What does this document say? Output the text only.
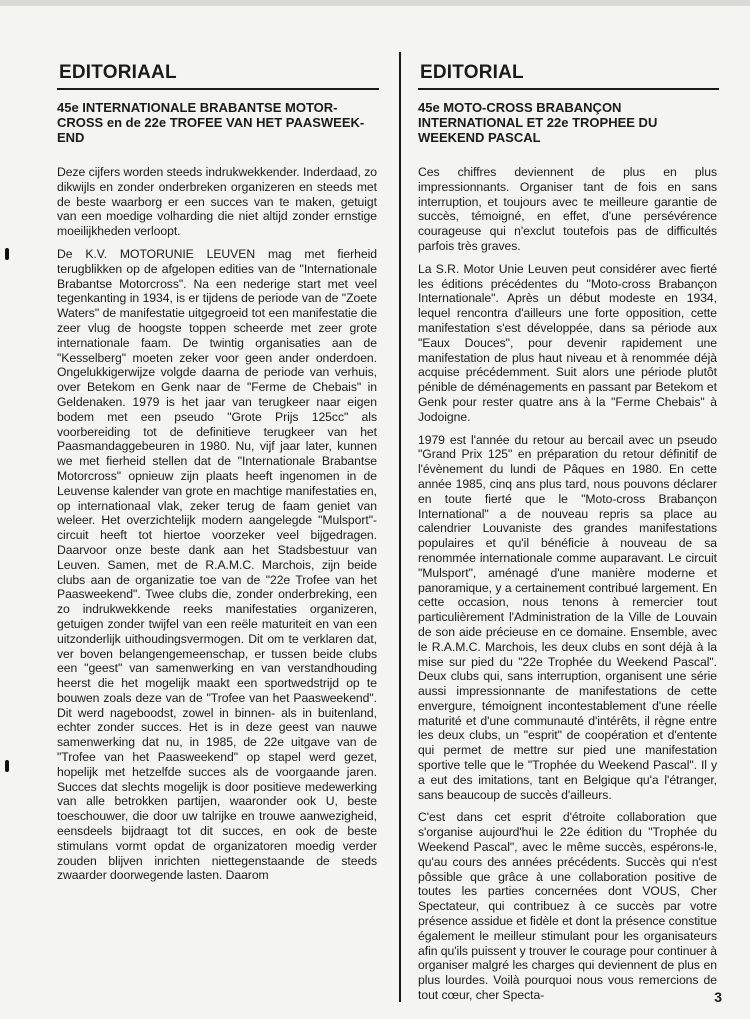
EDITORIAAL
45e INTERNATIONALE BRABANTSE MOTOR-CROSS en de 22e TROFEE VAN HET PAASWEEK-END

Deze cijfers worden steeds indrukwekkender. Inderdaad, zo dikwijls en zonder onderbreken organizeren en steeds met de beste waarborg er een succes van te maken, getuigt van een moedige volharding die niet altijd zonder ernstige moeilijkheden verloopt.

De K.V. MOTORUNIE LEUVEN mag met fierheid terugblikken op de afgelopen edities van de "Internationale Brabantse Motorcross". Na een nederige start met veel tegenkanting in 1934, is er tijdens de periode van de "Zoete Waters" de manifestatie uitgegroeid tot een manifestatie die zeer vlug de hoogste toppen scheerde met zeer grote internationale faam. De twintig organisaties aan de "Kesselberg" moeten zeker voor geen ander onderdoen. Ongelukkigerwijze volgde daarna de periode van verhuis, over Betekom en Genk naar de "Ferme de Chebais" in Geldenaken. 1979 is het jaar van terugkeer naar eigen bodem met een pseudo "Grote Prijs 125cc" als voorbereiding tot de definitieve terugkeer van het Paasmandaggebeuren in 1980. Nu, vijf jaar later, kunnen we met fierheid stellen dat de "Internationale Brabantse Motorcross" opnieuw zijn plaats heeft ingenomen in de Leuvense kalender van grote en machtige manifestaties en, op internationaal vlak, zeker terug de faam geniet van weleer. Het overzichtelijk modern aangelegde "Mulsport"-circuit heeft tot hiertoe voorzeker veel bijgedragen. Daarvoor onze beste dank aan het Stadsbestuur van Leuven. Samen, met de R.A.M.C. Marchois, zijn beide clubs aan de organizatie toe van de "22e Trofee van het Paasweekend". Twee clubs die, zonder onderbreking, een zo indrukwekkende reeks manifestaties organizeren, getuigen zonder twijfel van een reële maturiteit en van een uitzonderlijk uithoudingsvermogen. Dit om te verklaren dat, ver boven belangengemeenschap, er tussen beide clubs een "geest" van samenwerking en van verstandhouding heerst die het mogelijk maakt een sportwedstrijd op te bouwen zoals deze van de "Trofee van het Paasweekend". Dit werd nageboodst, zowel in binnen- als in buitenland, echter zonder succes. Het is in deze geest van nauwe samenwerking dat nu, in 1985, de 22e uitgave van de "Trofee van het Paasweekend" op stapel werd gezet, hopelijk met hetzelfde succes als de voorgaande jaren. Succes dat slechts mogelijk is door positieve medewerking van alle betrokken partijen, waaronder ook U, beste toeschouwer, die door uw talrijke en trouwe aanwezigheid, eensdeels bijdraagt tot dit succes, en ook de beste stimulans vormt opdat de organizatoren moedig verder zouden blijven inrichten niettegenstaande de steeds zwaarder doorwegende lasten. Daarom

EDITORIAL
45e MOTO-CROSS BRABANÇON INTERNATIONAL ET 22e TROPHEE DU WEEKEND PASCAL

Ces chiffres deviennent de plus en plus impressionnants. Organiser tant de fois en sans interruption, et toujours avec te meilleure garantie de succès, témoigné, en effet, d'une persévérence courageuse qui n'exclut toutefois pas de difficultés parfois très graves.

La S.R. Motor Unie Leuven peut considérer avec fierté les éditions précédentes du "Moto-cross Brabançon Internationale". Après un début modeste en 1934, lequel rencontra d'ailleurs une forte opposition, cette manifestation s'est développée, dans sa période aux "Eaux Douces", pour devenir rapidement une manifestation de plus haut niveau et à renommée déjà acquise précédemment. Suit alors une période plutôt pénible de déménagements en passant par Betekom et Genk pour rester quatre ans à la "Ferme Chebais" à Jodoigne.

1979 est l'année du retour au bercail avec un pseudo "Grand Prix 125" en préparation du retour définitif de l'évènement du lundi de Pâques en 1980. En cette année 1985, cinq ans plus tard, nous pouvons déclarer en toute fierté que le "Moto-cross Brabançon International" a de nouveau repris sa place au calendrier Louvaniste des grandes manifestations populaires et qu'il bénéficie à nouveau de sa renommée internationale comme auparavant. Le circuit "Mulsport", aménagé d'une manière moderne et panoramique, y a certainement contribué largement. En cette occasion, nous tenons à remercier tout particulièrement l'Administration de la Ville de Louvain de son aide précieuse en ce domaine. Ensemble, avec le R.A.M.C. Marchois, les deux clubs en sont déjà à la mise sur pied du "22e Trophée du Weekend Pascal". Deux clubs qui, sans interruption, organisent une série aussi impressionnante de manifestations de cette envergure, témoignent incontestablement d'une réelle maturité et d'une communauté d'intérêts, il règne entre les deux clubs, un "esprit" de coopération et d'entente qui permet de mettre sur pied une manifestation sportive telle que le "Trophée du Weekend Pascal". Il y a eut des imitations, tant en Belgique qu'a l'étranger, sans beaucoup de succès d'ailleurs.

C'est dans cet esprit d'étroite collaboration que s'organise aujourd'hui le 22e édition du "Trophée du Weekend Pascal", avec le même succès, espérons-le, qu'au cours des années précédents. Succès qui n'est pôssible que grâce à une collaboration positive de toutes les parties concernées dont VOUS, Cher Spectateur, qui contribuez à ce succès par votre présence assidue et fidèle et dont la présence constitue également le meilleur stimulant pour les organisateurs afin qu'ils puissent y trouver le courage pour continuer à organiser malgré les charges qui deviennent de plus en plus lourdes. Voilà pourquoi nous vous remercions de tout cœur, cher Specta-	3
